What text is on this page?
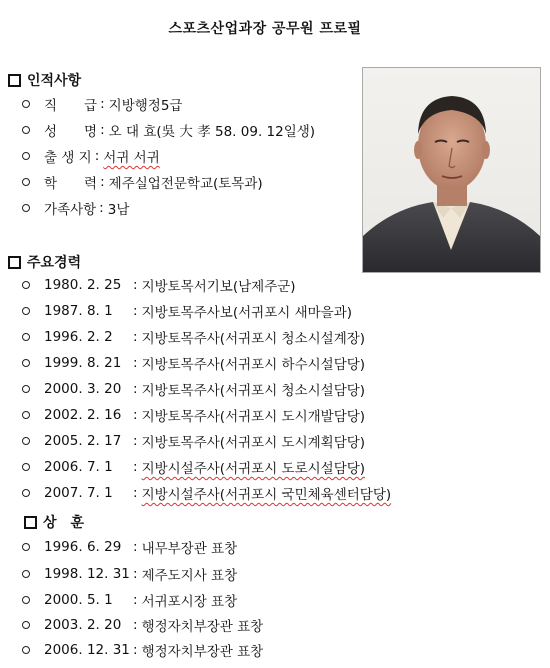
스포츠산업과장 공무원 프로필
인적사항
직　　급 : 지방행정5급
성　　명 : 오 대 효(吳 大 孝 58. 09. 12일생)
출 생 지 : 서귀 서귀
학　　력 : 제주실업전문학교(토목과)
가족사항 : 3남
주요경력
1980. 2. 25 : 지방토목서기보(남제주군)
1987. 8. 1	: 지방토목주사보(서귀포시 새마을과)
1996. 2. 2	: 지방토목주사(서귀포시 청소시설계장)
1999. 8. 21 : 지방토목주사(서귀포시 하수시설담당)
2000. 3. 20 : 지방토목주사(서귀포시 청소시설담당)
2002. 2. 16 : 지방토목주사(서귀포시 도시개발담당)
2005. 2. 17 : 지방토목주사(서귀포시 도시계획담당)
2006. 7. 1	: 지방시설주사(서귀포시 도로시설담당)
2007. 7. 1	: 지방시설주사(서귀포시 국민체육센터담당)
상　훈
1996. 6. 29 : 내무부장관 표창
1998. 12. 31 : 제주도지사 표창
2000. 5. 1	: 서귀포시장 표창
2003. 2. 20 : 행정자치부장관 표창
2006. 12. 31 : 행정자치부장관 표창
